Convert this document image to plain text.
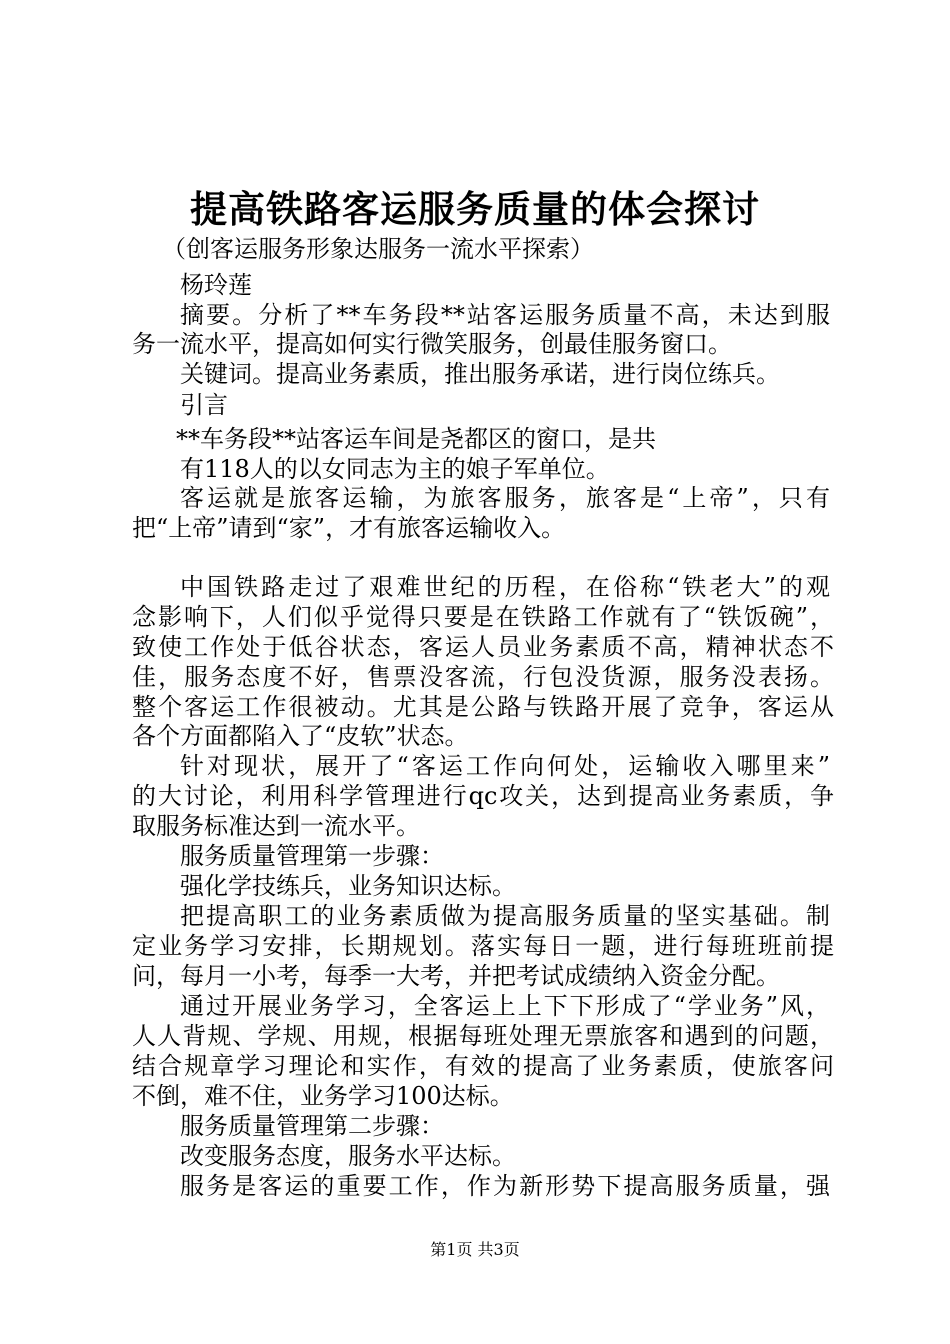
提高铁路客运服务质量的体会探讨
（创客运服务形象达服务一流水平探索）
杨玲莲
摘要。分析了**车务段**站客运服务质量不高，未达到服
务一流水平，提高如何实行微笑服务，创最佳服务窗口。
关键词。提高业务素质，推出服务承诺，进行岗位练兵。
引言
**车务段**站客运车间是尧都区的窗口，是共
有118人的以女同志为主的娘子军单位。
客运就是旅客运输，为旅客服务，旅客是“上帝”，只有
把“上帝”请到“家”，才有旅客运输收入。
中国铁路走过了艰难世纪的历程，在俗称“铁老大”的观
念影响下，人们似乎觉得只要是在铁路工作就有了“铁饭碗”，
致使工作处于低谷状态，客运人员业务素质不高，精神状态不
佳，服务态度不好，售票没客流，行包没货源，服务没表扬。
整个客运工作很被动。尤其是公路与铁路开展了竞争，客运从
各个方面都陷入了“皮软”状态。
针对现状，展开了“客运工作向何处，运输收入哪里来”
的大讨论，利用科学管理进行qc攻关，达到提高业务素质，争
取服务标准达到一流水平。
服务质量管理第一步骤：
强化学技练兵，业务知识达标。
把提高职工的业务素质做为提高服务质量的坚实基础。制
定业务学习安排，长期规划。落实每日一题，进行每班班前提
问，每月一小考，每季一大考，并把考试成绩纳入资金分配。
通过开展业务学习，全客运上上下下形成了“学业务”风，
人人背规、学规、用规，根据每班处理无票旅客和遇到的问题，
结合规章学习理论和实作，有效的提高了业务素质，使旅客问
不倒，难不住，业务学习100达标。
服务质量管理第二步骤：
改变服务态度，服务水平达标。
服务是客运的重要工作，作为新形势下提高服务质量，强
第1页 共3页
